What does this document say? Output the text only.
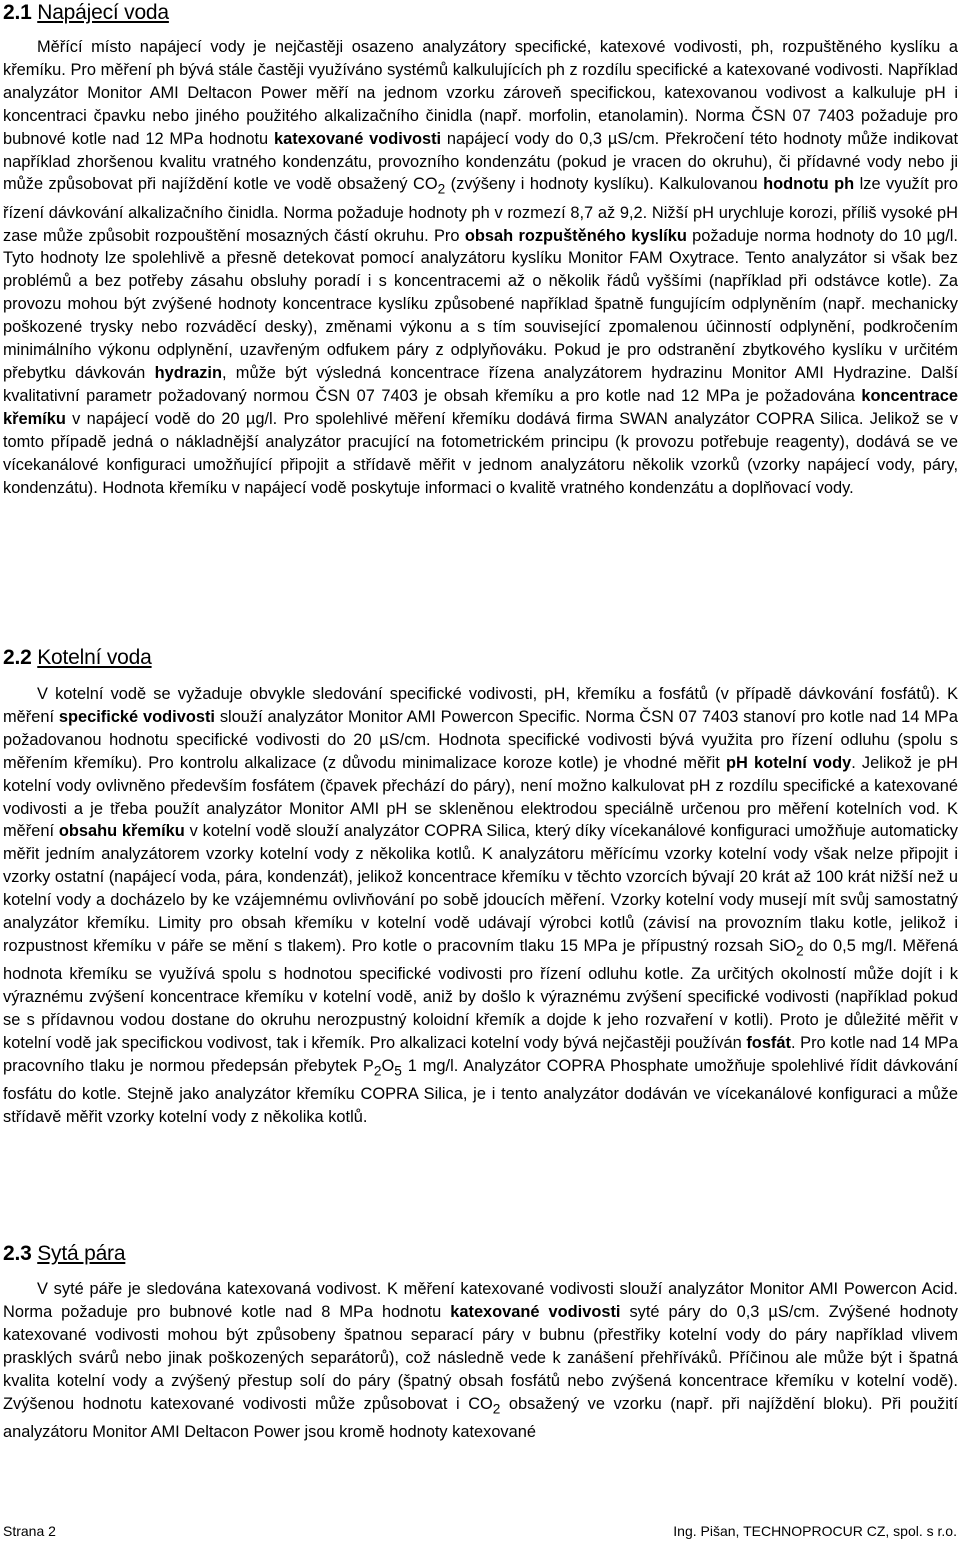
2.1 Napájecí voda
Měřící místo napájecí vody je nejčastěji osazeno analyzátory specifické, katexové vodivosti, ph, rozpuštěného kyslíku a křemíku. Pro měření ph bývá stále častěji využíváno systémů kalkulujících ph z rozdílu specifické a katexované vodivosti. Například analyzátor Monitor AMI Deltacon Power měří na jednom vzorku zároveň specifickou, katexovanou vodivost a kalkuluje pH i koncentraci čpavku nebo jiného použitého alkalizačního činidla (např. morfolin, etanolamin). Norma ČSN 07 7403 požaduje pro bubnové kotle nad 12 MPa hodnotu katexované vodivosti napájecí vody do 0,3 µS/cm. Překročení této hodnoty může indikovat například zhoršenou kvalitu vratného kondenzátu, provozního kondenzátu (pokud je vracen do okruhu), či přídavné vody nebo ji může způsobovat při najíždění kotle ve vodě obsažený $CO_2$ (zvýšeny i hodnoty kyslíku). Kalkulovanou hodnotu ph lze využít pro řízení dávkování alkalizačního činidla. Norma požaduje hodnoty ph v rozmezí 8,7 až 9,2. Nižší pH urychluje korozi, příliš vysoké pH zase může způsobit rozpouštění mosazných částí okruhu. Pro obsah rozpuštěného kyslíku požaduje norma hodnoty do 10 µg/l. Tyto hodnoty lze spolehlivě a přesně detekovat pomocí analyzátoru kyslíku Monitor FAM Oxytrace. Tento analyzátor si však bez problémů a bez potřeby zásahu obsluhy poradí i s koncentracemi až o několik řádů vyššími (například při odstávce kotle). Za provozu mohou být zvýšené hodnoty koncentrace kyslíku způsobené například špatně fungujícím odplyněním (např. mechanicky poškozené trysky nebo rozváděcí desky), změnami výkonu a s tím související zpomalenou účinností odplynění, podkročením minimálního výkonu odplynění, uzavřeným odfukem páry z odplyňováku. Pokud je pro odstranění zbytkového kyslíku v určitém přebytku dávkován hydrazin, může být výsledná koncentrace řízena analyzátorem hydrazinu Monitor AMI Hydrazine. Další kvalitativní parametr požadovaný normou ČSN 07 7403 je obsah křemíku a pro kotle nad 12 MPa je požadována koncentrace křemíku v napájecí vodě do 20 µg/l. Pro spolehlivé měření křemíku dodává firma SWAN analyzátor COPRA Silica. Jelikož se v tomto případě jedná o nákladnější analyzátor pracující na fotometrickém principu (k provozu potřebuje reagenty), dodává se ve vícekanálové konfiguraci umožňující připojit a střídavě měřit v jednom analyzátoru několik vzorků (vzorky napájecí vody, páry, kondenzátu). Hodnota křemíku v napájecí vodě poskytuje informaci o kvalitě vratného kondenzátu a doplňovací vody.
2.2 Kotelní voda
V kotelní vodě se vyžaduje obvykle sledování specifické vodivosti, pH, křemíku a fosfátů (v případě dávkování fosfátů). K měření specifické vodivosti slouží analyzátor Monitor AMI Powercon Specific. Norma ČSN 07 7403 stanoví pro kotle nad 14 MPa požadovanou hodnotu specifické vodivosti do 20 µS/cm. Hodnota specifické vodivosti bývá využita pro řízení odluhu (spolu s měřením křemíku). Pro kontrolu alkalizace (z důvodu minimalizace koroze kotle) je vhodné měřit pH kotelní vody. Jelikož je pH kotelní vody ovlivněno především fosfátem (čpavek přechází do páry), není možno kalkulovat pH z rozdílu specifické a katexované vodivosti a je třeba použít analyzátor Monitor AMI pH se skleněnou elektrodou speciálně určenou pro měření kotelních vod. K měření obsahu křemíku v kotelní vodě slouží analyzátor COPRA Silica, který díky vícekanálové konfiguraci umožňuje automaticky měřit jedním analyzátorem vzorky kotelní vody z několika kotlů. K analyzátoru měřícímu vzorky kotelní vody však nelze připojit i vzorky ostatní (napájecí voda, pára, kondenzát), jelikož koncentrace křemíku v těchto vzorcích bývají 20 krát až 100 krát nižší než u kotelní vody a docházelo by ke vzájemnému ovlivňování po sobě jdoucích měření. Vzorky kotelní vody musejí mít svůj samostatný analyzátor křemíku. Limity pro obsah křemíku v kotelní vodě udávají výrobci kotlů (závisí na provozním tlaku kotle, jelikož i rozpustnost křemíku v páře se mění s tlakem). Pro kotle o pracovním tlaku 15 MPa je přípustný rozsah SiO$_2$ do 0,5 mg/l. Měřená hodnota křemíku se využívá spolu s hodnotou specifické vodivosti pro řízení odluhu kotle. Za určitých okolností může dojít i k výraznému zvýšení koncentrace křemíku v kotelní vodě, aniž by došlo k výraznému zvýšení specifické vodivosti (například pokud se s přídavnou vodou dostane do okruhu nerozpustný koloidní křemík a dojde k jeho rozvaření v kotli). Proto je důležité měřit v kotelní vodě jak specifickou vodivost, tak i křemík. Pro alkalizaci kotelní vody bývá nejčastěji používán fosfát. Pro kotle nad 14 MPa pracovního tlaku je normou předepsán přebytek $P_2O_5$ 1 mg/l. Analyzátor COPRA Phosphate umožňuje spolehlivé řídit dávkování fosfátu do kotle. Stejně jako analyzátor křemíku COPRA Silica, je i tento analyzátor dodáván ve vícekanálové konfiguraci a může střídavě měřit vzorky kotelní vody z několika kotlů.
2.3 Sytá pára
V syté páře je sledována katexovaná vodivost. K měření katexované vodivosti slouží analyzátor Monitor AMI Powercon Acid. Norma požaduje pro bubnové kotle nad 8 MPa hodnotu katexované vodivosti syté páry do 0,3 µS/cm. Zvýšené hodnoty katexované vodivosti mohou být způsobeny špatnou separací páry v bubnu (přestřiky kotelní vody do páry například vlivem prasklých svárů nebo jinak poškozených separátorů), což následně vede k zanášení přehříváků. Příčinou ale může být i špatná kvalita kotelní vody a zvýšený přestup solí do páry (špatný obsah fosfátů nebo zvýšená koncentrace křemíku v kotelní vodě). Zvýšenou hodnotu katexované vodivosti může způsobovat i $CO_2$ obsažený ve vzorku (např. při najíždění bloku). Při použití analyzátoru Monitor AMI Deltacon Power jsou kromě hodnoty katexované
Strana 2	Ing. Pišan, TECHNOPROCUR CZ, spol. s r.o.
